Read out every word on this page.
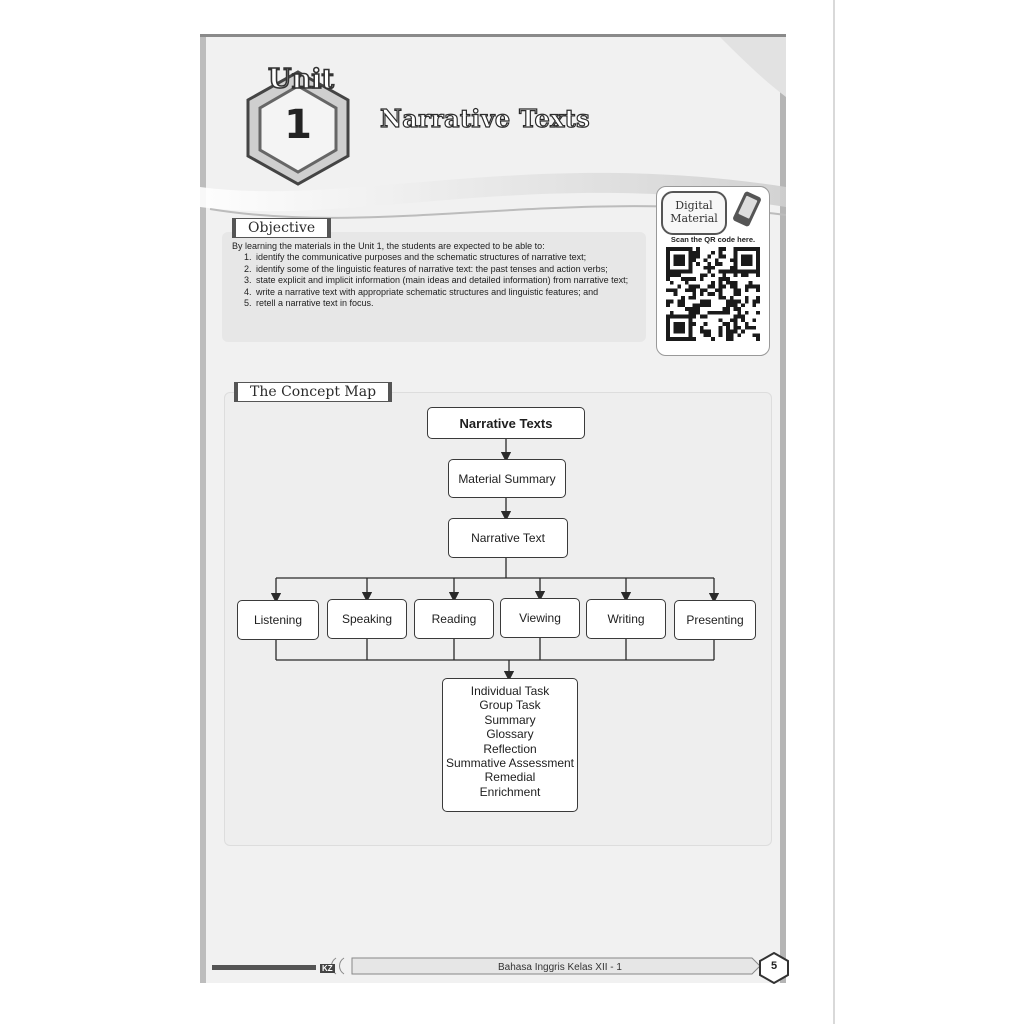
Unit
1	Narrative Texts
Objective
By learning the materials in the Unit 1, the students are expected to be able to:
1. identify the communicative purposes and the schematic structures of narrative text;
2. identify some of the linguistic features of narrative text: the past tenses and action verbs;
3. state explicit and implicit information (main ideas and detailed information) from narrative text;
4. write a narrative text with appropriate schematic structures and linguistic features; and
5. retell a narrative text in focus.
Digital
Material
Scan the QR code here.
The Concept Map
Narrative Texts
Material Summary
Narrative Text
Listening	Speaking	Reading	Viewing	Writing	Presenting
Individual Task
Group Task
Summary
Glossary
Reflection
Summative Assessment
Remedial
Enrichment
KZ	Bahasa Inggris Kelas XII - 1	5
